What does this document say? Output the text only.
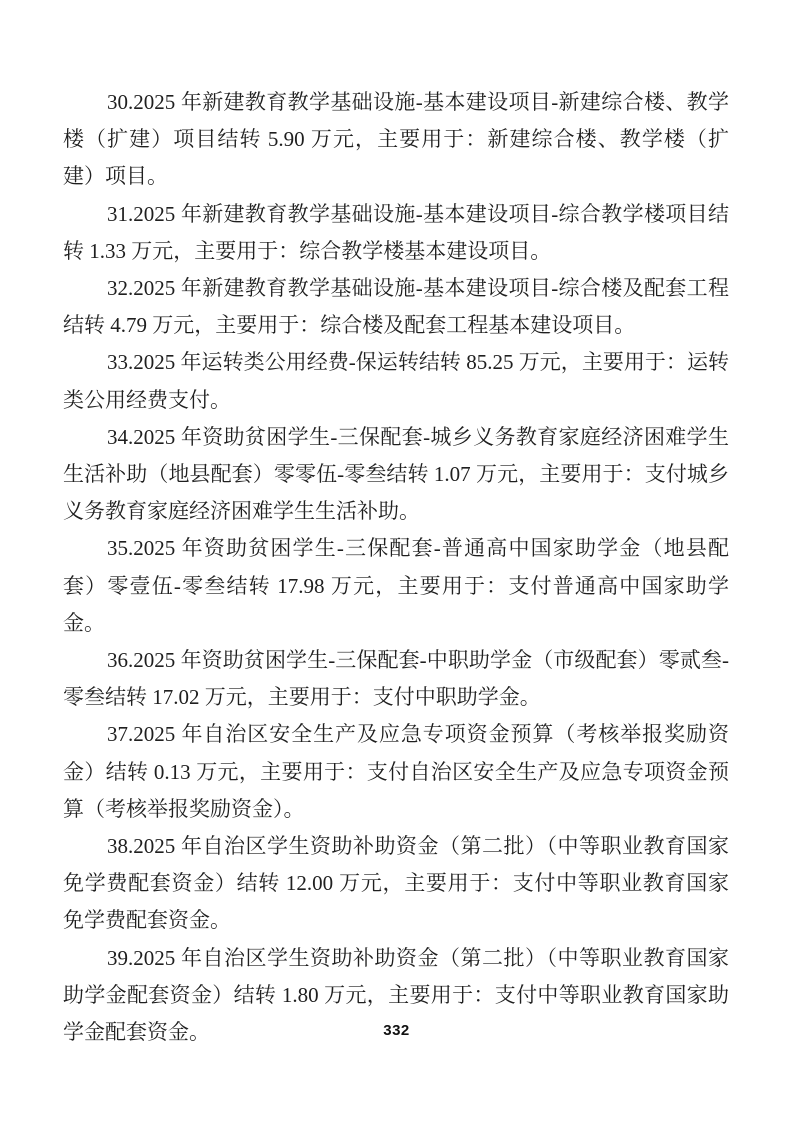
30.2025 年新建教育教学基础设施-基本建设项目-新建综合楼、教学楼（扩建）项目结转 5.90 万元，主要用于：新建综合楼、教学楼（扩建）项目。

31.2025 年新建教育教学基础设施-基本建设项目-综合教学楼项目结转 1.33 万元，主要用于：综合教学楼基本建设项目。

32.2025 年新建教育教学基础设施-基本建设项目-综合楼及配套工程结转 4.79 万元，主要用于：综合楼及配套工程基本建设项目。

33.2025 年运转类公用经费-保运转结转 85.25 万元，主要用于：运转类公用经费支付。

34.2025 年资助贫困学生-三保配套-城乡义务教育家庭经济困难学生生活补助（地县配套）零零伍-零叁结转 1.07 万元，主要用于：支付城乡义务教育家庭经济困难学生生活补助。

35.2025 年资助贫困学生-三保配套-普通高中国家助学金（地县配套）零壹伍-零叁结转 17.98 万元，主要用于：支付普通高中国家助学金。

36.2025 年资助贫困学生-三保配套-中职助学金（市级配套）零贰叁-零叁结转 17.02 万元，主要用于：支付中职助学金。

37.2025 年自治区安全生产及应急专项资金预算（考核举报奖励资金）结转 0.13 万元，主要用于：支付自治区安全生产及应急专项资金预算（考核举报奖励资金）。

38.2025 年自治区学生资助补助资金（第二批）（中等职业教育国家免学费配套资金）结转 12.00 万元，主要用于：支付中等职业教育国家免学费配套资金。

39.2025 年自治区学生资助补助资金（第二批）（中等职业教育国家助学金配套资金）结转 1.80 万元，主要用于：支付中等职业教育国家助学金配套资金。	332
